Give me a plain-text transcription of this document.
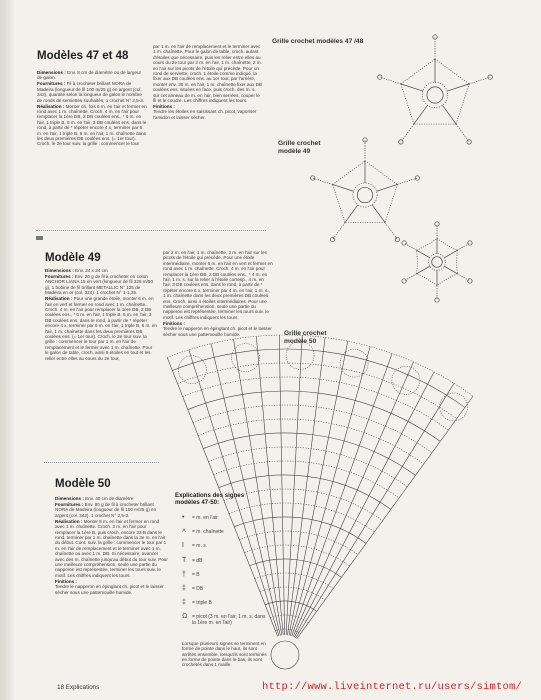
Modèles 47 et 48

Dimensions : Env. 8 cm de diamètre ou de largeur de galon.

Fournitures : Fil à crocheter brillant NORA de Madeira (longueur de fil 100 m/25 g) en argent (col. 342), quantité selon la longueur de galon le nombre de ronds de serviettes souhaités, 1 crochet N° 2,5-3.

Réalisation : Monter ch. fois 6 m. en l'air et fermer en rond avec 1 m. chaînette. Croch. 4 m. en l'air pour remplacer la 1ère DB, 2 DB coulées ens., * 6 m. en l'air, 1 triple B, 6 m. en l'air, 3 DB coulées ens. dans le rond, à partir de * répéter encore 4 x, terminer par 6 m. en l'air, 1 triple B, 6 m. en l'air, 1 m. chaînette dans les deux premières DB coulées ens. (= 1er tour). Croch. le 2e tour suiv. la grille : commencer le tour

par 1 m. en l'air de remplacement et le terminer avec 1 m. chaînette. Pour le galon de table, croch. autant d'étoiles que nécessaire, puis les relier entre elles au cours du 2e tour par 2 m. en l'air, 1 m. chaînette, 2 m. en l'air sur les picots de l'étoile qui précède. Pour un rond de serviette, croch. 1 étoile comme indiqué, la fixer aux DB coulées ens. au 1er tour, par l'arrière, monter env. 30 m. en l'air, 1 m. chaînette fixer aux DB coulées ens. situées en face, puis croch. des m. s. sur cet anneau de m. en l'air, bien serrées, couper le fil et le coudre. Les chiffres indiquent les tours.

Finitions :
Tendre les étoiles en saisissant ch. picot, vaporiser l'amidon et laisser sécher.

Modèle 49

Dimensions : Env. 24 x 24 cm

Fournitures : Env. 20 g de fil à crocheter en coton ANCHOR LIANA 15 en vert (longueur de fil 325 m/50 g), 1 bobine de fil brillant METALLIC N° 125 de Madeira en or (col. 324). 1 crochet N° 1-1,25.

Réalisation : Pour une grande étoile, monter 6 m. en l'air en vert et fermer en rond avec 1 m. chaînette. Croch. 4 m. en l'air pour remplacer la 1ère DB, 2 DB coulées ens., * 6 m. en l'air, 1 triple B, 6 m. en l'air, 3 DB coulées ens. dans le rond, à partir de * répéter encore 4 x, terminer par 6 m. en l'air, 1 triple B, 6 m. en l'air, 1 m. chaînette dans les deux premières DB coulées ens. (= 1er tour). Croch. le 2e tour suiv. la grille : commencer le tour par 1 m. en l'air de remplacement et le fermer avec 1 m. chaînette. Pour le galon de table, croch. ainsi 9 étoiles en tout et les relier entre elles au cours du 2e tour,

par 2 m. en l'air, 1 m. chaînette, 2 m. en l'air sur les picots de l'étoile qui précède. Pour une étoile intermédiaire, monter 6 m. en l'air en vert et fermer en rond avec 1 m. chaînette. Croch. 4 m. en l'air pour remplacer la 1ère DB, 2 DB coulées ens., * 4 m. en l'air, 1 m. s. sur la relier à l'étoile corresp., 4 m. en l'air, 3 DB coulées ens. dans le rond, à partir de * répéter encore 6 x, terminer par 4 m. en l'air, 1 m. s., 1 m. chaînette dans les deux premières DB coulées ens. Croch. ainsi 4 étoiles intermédiaires. Pour une meilleure compréhension, seule une partie du napperon est représentée, terminer les tours suiv. le motif. Les chiffres indiquent les tours.

Finitions :
Tendre le napperon en épinglant ch. picot et le laisser sécher sous une pattemouille humide.

Modèle 50

Dimensions : Env. 40 cm de diamètre

Fournitures : Env. 80 g de fil à crocheter brillant NORA de Madeira (longueur de fil 100 m/25 g) en argent (col. 342). 1 crochet N° 2,5-3.

Réalisation : Monter 8 m. en l'air et fermer en rond avec 1 m. chaînette. Croch. 3 m. en l'air pour remplacer la 1ère B, puis croch. encore 23 B dans le rond, terminer par 1 m. chaînette dans la 3e m. en l'air du début. Cont. suiv. la grille : commencer le tour par 1 m. en l'air de remplacement et le terminer avec 1 m. chaînette ou avec 1 m. DB. Si nécessaire, avancer avec des m. chaînette jusqu'au début du tour suiv. Pour une meilleure compréhension, seule une partie du napperon est représentée, terminer les tours suiv. le motif. Les chiffres indiquent les tours.

Finitions :
Tendre le napperon en épinglant ch. picot et le laisser sécher sous une pattemouille humide.

Explications des signes modèles 47-50:
• = m. en l'air
˄ = m. chaînette
I = m. s.
T = dB
† = B
‡ = DB
‡ = triple B
Ω = picot (3 m. en l'air, 1 m. s. dans la 1ère m. en l'air)
Lorsque plusieurs signes se terminent en forme de pointe dans le haut, ils sont arrêtés ensemble, lorsqu'ils sont terminés en forme de pointe dans le bas, ils sont crochetés dans 1 maille.
Grille crochet modèles 47 /48
Grille crochet modèle 49
Grille crochet modèle 50
18 Explications	http://www.liveinternet.ru/users/simtom/
